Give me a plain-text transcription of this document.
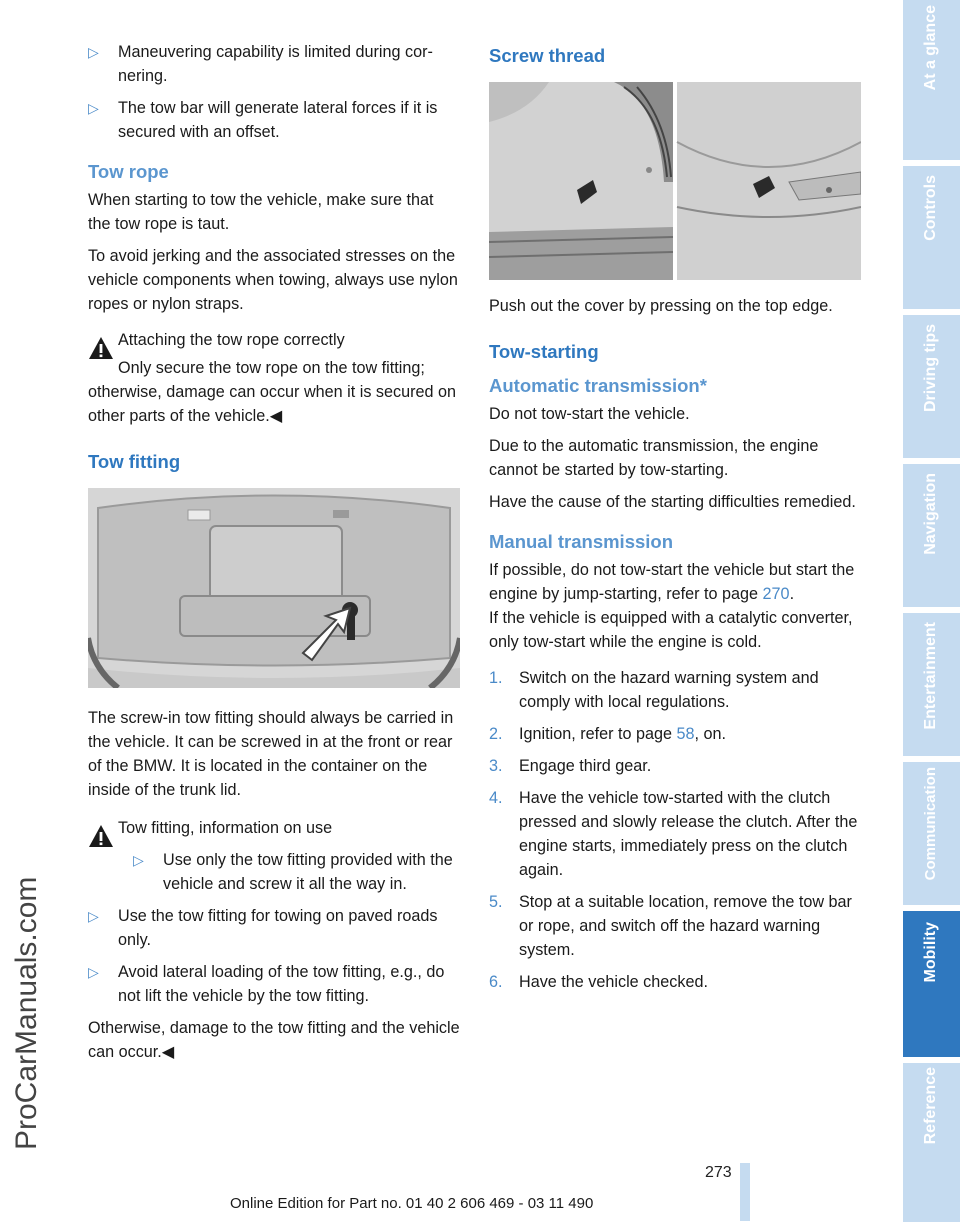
▷ Maneuvering capability is limited during cornering.
▷ The tow bar will generate lateral forces if it is secured with an offset.
Tow rope
When starting to tow the vehicle, make sure that the tow rope is taut.
To avoid jerking and the associated stresses on the vehicle components when towing, always use nylon ropes or nylon straps.
Attaching the tow rope correctly
Only secure the tow rope on the tow fitting; otherwise, damage can occur when it is secured on other parts of the vehicle.◀
Tow fitting
The screw-in tow fitting should always be carried in the vehicle. It can be screwed in at the front or rear of the BMW. It is located in the container on the inside of the trunk lid.
Tow fitting, information on use
▷ Use only the tow fitting provided with the vehicle and screw it all the way in.
▷ Use the tow fitting for towing on paved roads only.
▷ Avoid lateral loading of the tow fitting, e.g., do not lift the vehicle by the tow fitting.
Otherwise, damage to the tow fitting and the vehicle can occur.◀
Screw thread
Push out the cover by pressing on the top edge.
Tow-starting
Automatic transmission*
Do not tow-start the vehicle.
Due to the automatic transmission, the engine cannot be started by tow-starting.
Have the cause of the starting difficulties remedied.
Manual transmission
If possible, do not tow-start the vehicle but start the engine by jump-starting, refer to page 270.
If the vehicle is equipped with a catalytic converter, only tow-start while the engine is cold.
1. Switch on the hazard warning system and comply with local regulations.
2. Ignition, refer to page 58, on.
3. Engage third gear.
4. Have the vehicle tow-started with the clutch pressed and slowly release the clutch. After the engine starts, immediately press on the clutch again.
5. Stop at a suitable location, remove the tow bar or rope, and switch off the hazard warning system.
6. Have the vehicle checked.
ProCarManuals.com
273
Online Edition for Part no. 01 40 2 606 469 - 03 11 490
At a glance
Controls
Driving tips
Navigation
Entertainment
Communication
Mobility
Reference
